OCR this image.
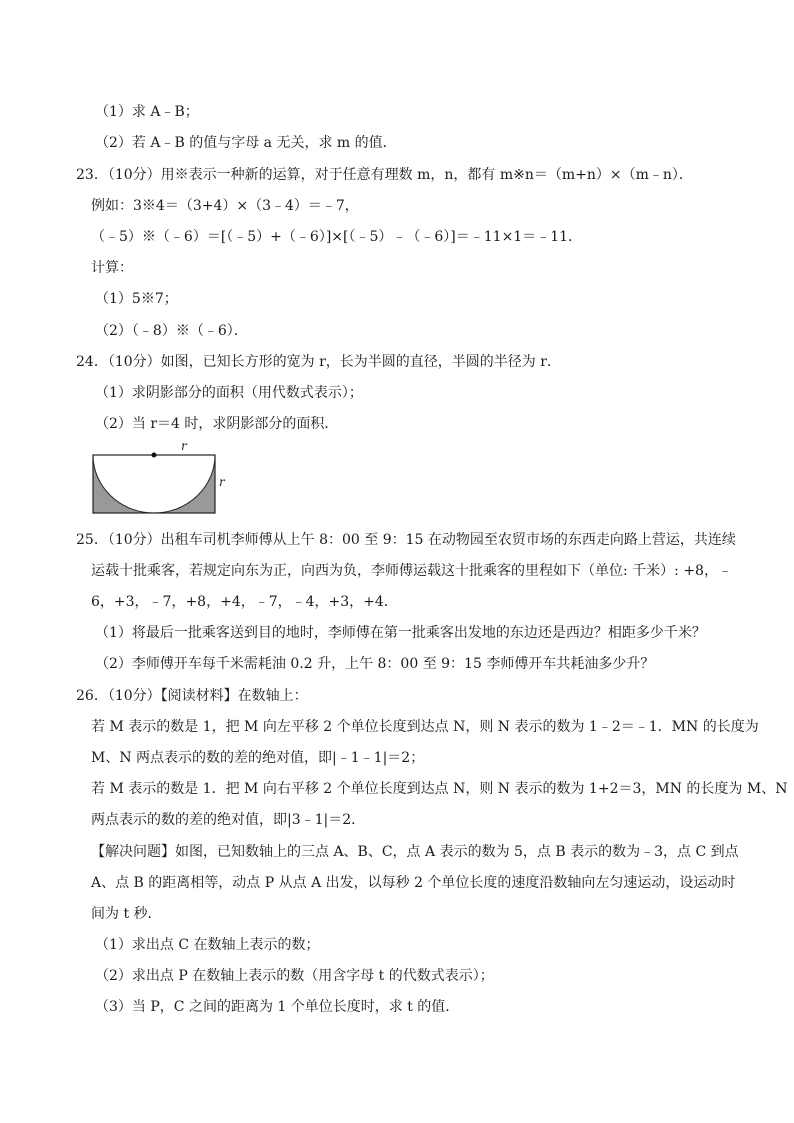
（1）求 A﹣B；
（2）若 A﹣B 的值与字母 a 无关，求 m 的值．
23．（10分）用※表示一种新的运算，对于任意有理数 m，n，都有 m※n＝（m+n）×（m﹣n）．
例如：3※4＝（3+4）×（3﹣4）＝﹣7，
（﹣5）※（﹣6）＝[（﹣5）+（﹣6）]×[（﹣5）﹣（﹣6）]＝﹣11×1＝﹣11．
计算：
（1）5※7；
（2）（﹣8）※（﹣6）．
24．（10分）如图，已知长方形的宽为 r，长为半圆的直径，半圆的半径为 r．
（1）求阴影部分的面积（用代数式表示）；
（2）当 r＝4 时，求阴影部分的面积．
r
r
25．（10分）出租车司机李师傅从上午 8：00 至 9：15 在动物园至农贸市场的东西走向路上营运，共连续
运载十批乘客，若规定向东为正，向西为负，李师傅运载这十批乘客的里程如下（单位: 千米）: +8，﹣
6，+3，﹣7，+8，+4，﹣7，﹣4，+3，+4．
（1）将最后一批乘客送到目的地时，李师傅在第一批乘客出发地的东边还是西边？相距多少千米？
（2）李师傅开车每千米需耗油 0.2 升，上午 8：00 至 9：15 李师傅开车共耗油多少升？
26．（10分）【阅读材料】在数轴上：
若 M 表示的数是 1，把 M 向左平移 2 个单位长度到达点 N，则 N 表示的数为 1﹣2＝﹣1．MN 的长度为
M、N 两点表示的数的差的绝对值，即|﹣1﹣1|＝2；
若 M 表示的数是 1．把 M 向右平移 2 个单位长度到达点 N，则 N 表示的数为 1+2＝3，MN 的长度为 M、N
两点表示的数的差的绝对值，即|3﹣1|＝2．
【解决问题】如图，已知数轴上的三点 A、B、C，点 A 表示的数为 5，点 B 表示的数为﹣3，点 C 到点
A、点 B 的距离相等，动点 P 从点 A 出发，以每秒 2 个单位长度的速度沿数轴向左匀速运动，设运动时
间为 t 秒．
（1）求出点 C 在数轴上表示的数；
（2）求出点 P 在数轴上表示的数（用含字母 t 的代数式表示）；
（3）当 P，C 之间的距离为 1 个单位长度时，求 t 的值．
